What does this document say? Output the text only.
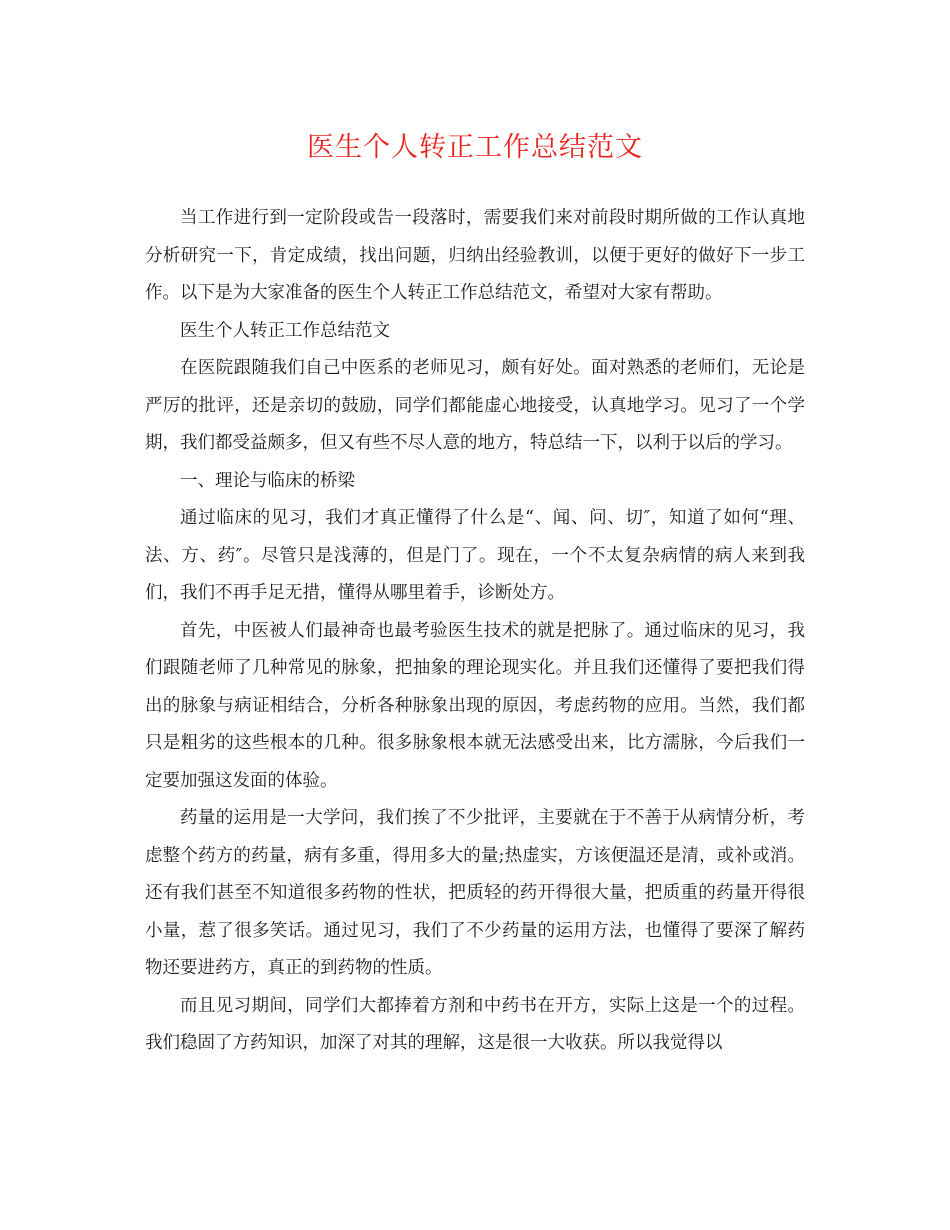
医生个人转正工作总结范文

当工作进行到一定阶段或告一段落时，需要我们来对前段时期所做的工作认真地分析研究一下，肯定成绩，找出问题，归纳出经验教训，以便于更好的做好下一步工作。以下是为大家准备的医生个人转正工作总结范文，希望对大家有帮助。

医生个人转正工作总结范文

在医院跟随我们自己中医系的老师见习，颇有好处。面对熟悉的老师们，无论是严厉的批评，还是亲切的鼓励，同学们都能虚心地接受，认真地学习。见习了一个学期，我们都受益颇多，但又有些不尽人意的地方，特总结一下，以利于以后的学习。

一、理论与临床的桥梁

通过临床的见习，我们才真正懂得了什么是“、闻、问、切″，知道了如何“理、法、方、药″。尽管只是浅薄的，但是门了。现在，一个不太复杂病情的病人来到我们，我们不再手足无措，懂得从哪里着手，诊断处方。

首先，中医被人们最神奇也最考验医生技术的就是把脉了。通过临床的见习，我们跟随老师了几种常见的脉象，把抽象的理论现实化。并且我们还懂得了要把我们得出的脉象与病证相结合，分析各种脉象出现的原因，考虑药物的应用。当然，我们都只是粗劣的这些根本的几种。很多脉象根本就无法感受出来，比方濡脉，今后我们一定要加强这发面的体验。

药量的运用是一大学问，我们挨了不少批评，主要就在于不善于从病情分析，考虑整个药方的药量，病有多重，得用多大的量;热虚实，方该便温还是清，或补或消。还有我们甚至不知道很多药物的性状，把质轻的药开得很大量，把质重的药量开得很小量，惹了很多笑话。通过见习，我们了不少药量的运用方法，也懂得了要深了解药物还要进药方，真正的到药物的性质。

而且见习期间，同学们大都捧着方剂和中药书在开方，实际上这是一个的过程。我们稳固了方药知识，加深了对其的理解，这是很一大收获。所以我觉得以
